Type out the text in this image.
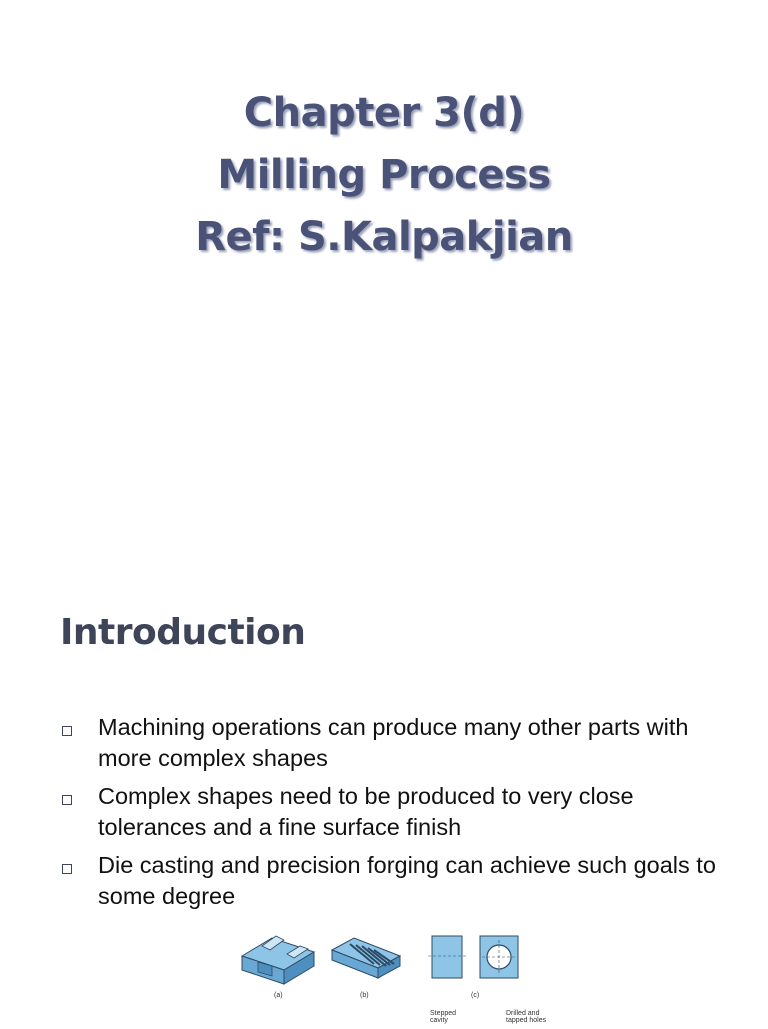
Chapter 3(d)
Milling Process
Ref: S.Kalpakjian
Introduction
Machining operations can produce many other parts with more complex shapes
Complex shapes need to be produced to very close tolerances and a fine surface finish
Die casting and precision forging can achieve such goals to some degree
(a)	(b)	(c)
Stepped cavity
Drilled and tapped holes
